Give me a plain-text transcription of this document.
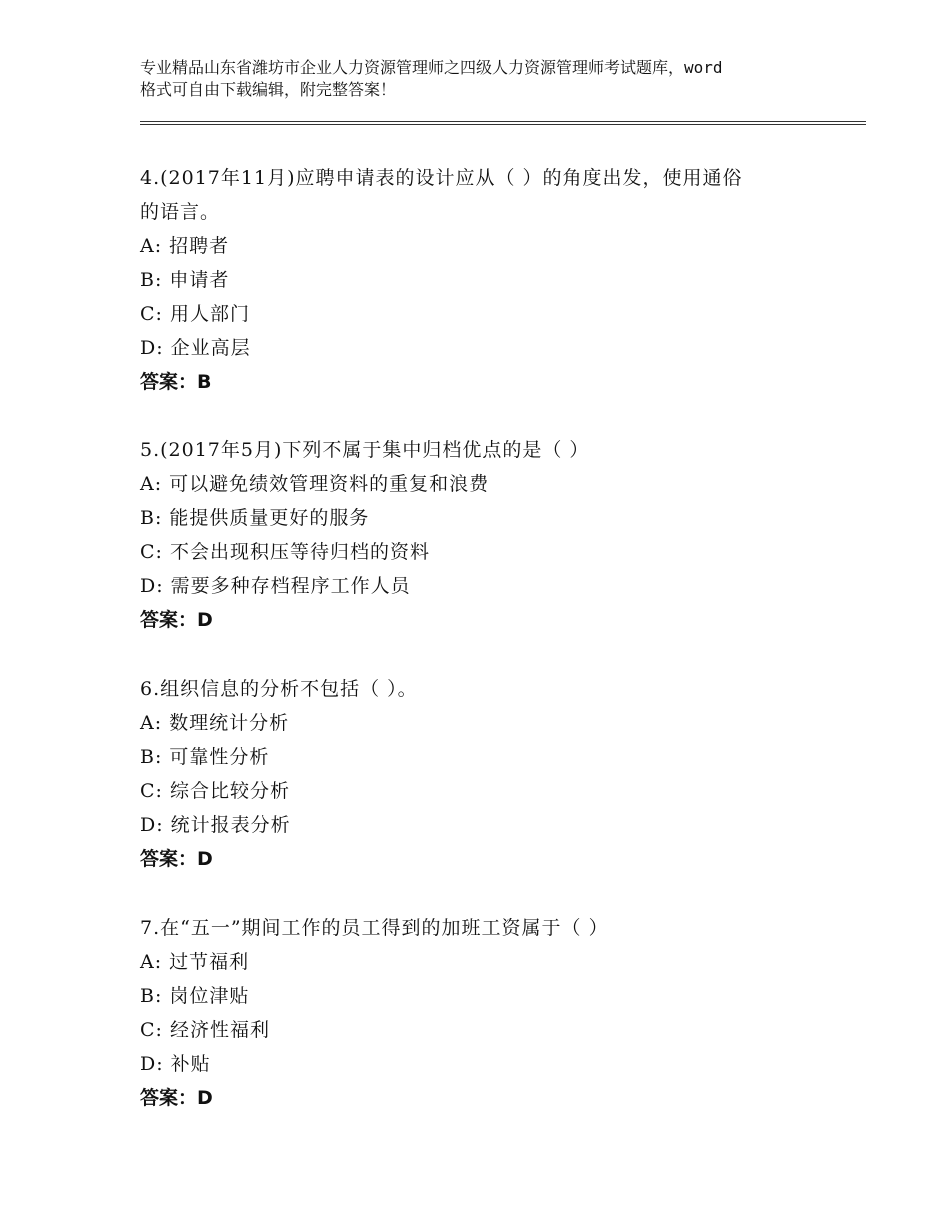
专业精品山东省潍坊市企业人力资源管理师之四级人力资源管理师考试题库，word
格式可自由下载编辑，附完整答案！
4.(2017年11月)应聘申请表的设计应从（ ）的角度出发，使用通俗
的语言。
A: 招聘者
B: 申请者
C: 用人部门
D: 企业高层
答案：B
5.(2017年5月)下列不属于集中归档优点的是（ ）
A: 可以避免绩效管理资料的重复和浪费
B: 能提供质量更好的服务
C: 不会出现积压等待归档的资料
D: 需要多种存档程序工作人员
答案：D
6.组织信息的分析不包括（ ）。
A: 数理统计分析
B: 可靠性分析
C: 综合比较分析
D: 统计报表分析
答案：D
7.在“五一”期间工作的员工得到的加班工资属于（ ）
A: 过节福利
B: 岗位津贴
C: 经济性福利
D: 补贴
答案：D
